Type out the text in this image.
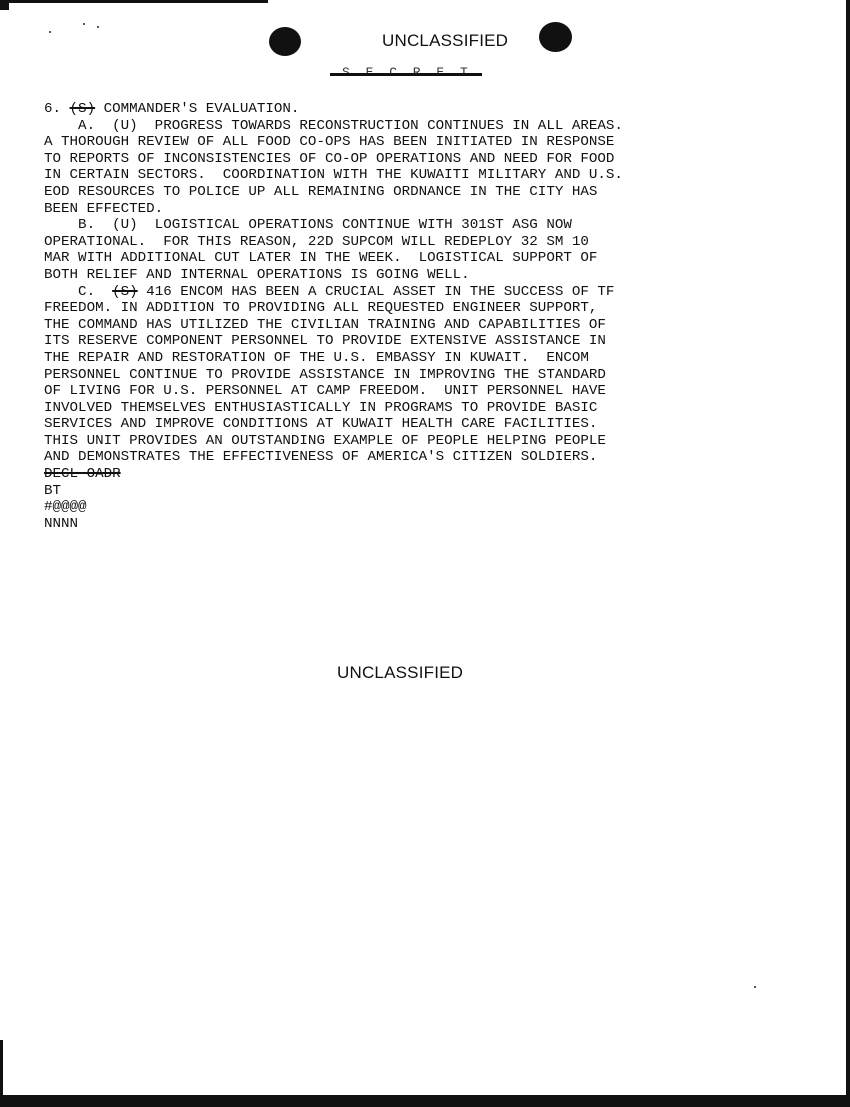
UNCLASSIFIED
6. (S) COMMANDER'S EVALUATION.
A.  (U)  PROGRESS TOWARDS RECONSTRUCTION CONTINUES IN ALL AREAS.
A THOROUGH REVIEW OF ALL FOOD CO-OPS HAS BEEN INITIATED IN RESPONSE
TO REPORTS OF INCONSISTENCIES OF CO-OP OPERATIONS AND NEED FOR FOOD
IN CERTAIN SECTORS.  COORDINATION WITH THE KUWAITI MILITARY AND U.S.
EOD RESOURCES TO POLICE UP ALL REMAINING ORDNANCE IN THE CITY HAS
BEEN EFFECTED.
B.  (U)  LOGISTICAL OPERATIONS CONTINUE WITH 301ST ASG NOW
OPERATIONAL.  FOR THIS REASON, 22D SUPCOM WILL REDEPLOY 32 SM 10
MAR WITH ADDITIONAL CUT LATER IN THE WEEK.  LOGISTICAL SUPPORT OF
BOTH RELIEF AND INTERNAL OPERATIONS IS GOING WELL.
C.  (S) 416 ENCOM HAS BEEN A CRUCIAL ASSET IN THE SUCCESS OF TF
FREEDOM. IN ADDITION TO PROVIDING ALL REQUESTED ENGINEER SUPPORT,
THE COMMAND HAS UTILIZED THE CIVILIAN TRAINING AND CAPABILITIES OF
ITS RESERVE COMPONENT PERSONNEL TO PROVIDE EXTENSIVE ASSISTANCE IN
THE REPAIR AND RESTORATION OF THE U.S. EMBASSY IN KUWAIT.  ENCOM
PERSONNEL CONTINUE TO PROVIDE ASSISTANCE IN IMPROVING THE STANDARD
OF LIVING FOR U.S. PERSONNEL AT CAMP FREEDOM.  UNIT PERSONNEL HAVE
INVOLVED THEMSELVES ENTHUSIASTICALLY IN PROGRAMS TO PROVIDE BASIC
SERVICES AND IMPROVE CONDITIONS AT KUWAIT HEALTH CARE FACILITIES.
THIS UNIT PROVIDES AN OUTSTANDING EXAMPLE OF PEOPLE HELPING PEOPLE
AND DEMONSTRATES THE EFFECTIVENESS OF AMERICA'S CITIZEN SOLDIERS.
DECL OADR
BT
#@@@@
NNNN
UNCLASSIFIED
